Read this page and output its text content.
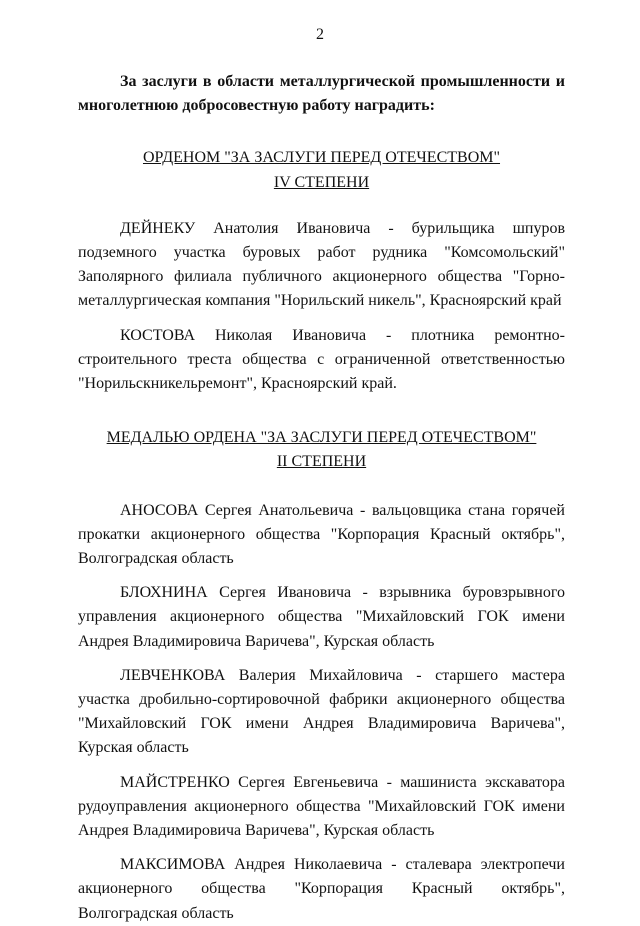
2

За заслуги в области металлургической промышленности и многолетнюю добросовестную работу наградить:

ОРДЕНОМ "ЗА ЗАСЛУГИ ПЕРЕД ОТЕЧЕСТВОМ"
IV СТЕПЕНИ

ДЕЙНЕКУ Анатолия Ивановича - бурильщика шпуров подземного участка буровых работ рудника "Комсомольский" Заполярного филиала публичного акционерного общества "Горно-металлургическая компания "Норильский никель", Красноярский край

КОСТОВА Николая Ивановича - плотника ремонтно-строительного треста общества с ограниченной ответственностью "Норильскникельремонт", Красноярский край.

МЕДАЛЬЮ ОРДЕНА "ЗА ЗАСЛУГИ ПЕРЕД ОТЕЧЕСТВОМ"
II СТЕПЕНИ

АНОСОВА Сергея Анатольевича - вальцовщика стана горячей прокатки акционерного общества "Корпорация Красный октябрь", Волгоградская область

БЛОХНИНА Сергея Ивановича - взрывника буровзрывного управления акционерного общества "Михайловский ГОК имени Андрея Владимировича Варичева", Курская область

ЛЕВЧЕНКОВА Валерия Михайловича - старшего мастера участка дробильно-сортировочной фабрики акционерного общества "Михайловский ГОК имени Андрея Владимировича Варичева", Курская область

МАЙСТРЕНКО Сергея Евгеньевича - машиниста экскаватора рудоуправления акционерного общества "Михайловский ГОК имени Андрея Владимировича Варичева", Курская область

МАКСИМОВА Андрея Николаевича - сталевара электропечи акционерного общества "Корпорация Красный октябрь", Волгоградская область
